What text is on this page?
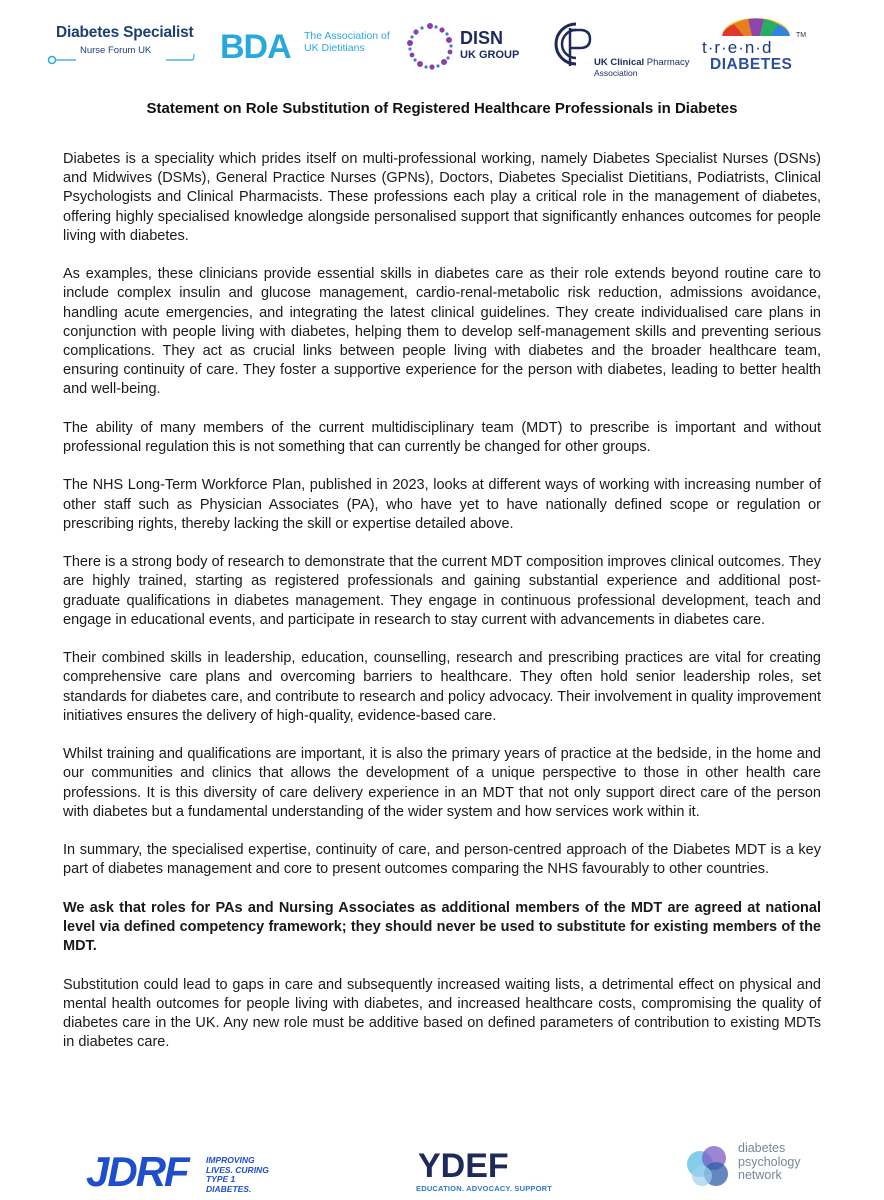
Diabetes Specialist
Nurse Forum UK BDA The Association of UK Dietitians	DISN
UK GROUP
UK Clinical Pharmacy
Association
TM
t·r·e·n·d
DIABETES
Statement on Role Substitution of Registered Healthcare Professionals in Diabetes

Diabetes is a speciality which prides itself on multi-professional working, namely Diabetes Specialist Nurses (DSNs) and Midwives (DSMs), General Practice Nurses (GPNs), Doctors, Diabetes Specialist Dietitians, Podiatrists, Clinical Psychologists and Clinical Pharmacists. These professions each play a critical role in the management of diabetes, offering highly specialised knowledge alongside personalised support that significantly enhances outcomes for people living with diabetes.

As examples, these clinicians provide essential skills in diabetes care as their role extends beyond routine care to include complex insulin and glucose management, cardio-renal-metabolic risk reduction, admissions avoidance, handling acute emergencies, and integrating the latest clinical guidelines. They create individualised care plans in conjunction with people living with diabetes, helping them to develop self-management skills and preventing serious complications. They act as crucial links between people living with diabetes and the broader healthcare team, ensuring continuity of care. They foster a supportive experience for the person with diabetes, leading to better health and well-being.

The ability of many members of the current multidisciplinary team (MDT) to prescribe is important and without professional regulation this is not something that can currently be changed for other groups.

The NHS Long-Term Workforce Plan, published in 2023, looks at different ways of working with increasing number of other staff such as Physician Associates (PA), who have yet to have nationally defined scope or regulation or prescribing rights, thereby lacking the skill or expertise detailed above.

There is a strong body of research to demonstrate that the current MDT composition improves clinical outcomes. They are highly trained, starting as registered professionals and gaining substantial experience and additional post-graduate qualifications in diabetes management. They engage in continuous professional development, teach and engage in educational events, and participate in research to stay current with advancements in diabetes care.

Their combined skills in leadership, education, counselling, research and prescribing practices are vital for creating comprehensive care plans and overcoming barriers to healthcare. They often hold senior leadership roles, set standards for diabetes care, and contribute to research and policy advocacy. Their involvement in quality improvement initiatives ensures the delivery of high-quality, evidence-based care.

Whilst training and qualifications are important, it is also the primary years of practice at the bedside, in the home and our communities and clinics that allows the development of a unique perspective to those in other health care professions. It is this diversity of care delivery experience in an MDT that not only support direct care of the person with diabetes but a fundamental understanding of the wider system and how services work within it.

In summary, the specialised expertise, continuity of care, and person-centred approach of the Diabetes MDT is a key part of diabetes management and core to present outcomes comparing the NHS favourably to other countries.

We ask that roles for PAs and Nursing Associates as additional members of the MDT are agreed at national level via defined competency framework; they should never be used to substitute for existing members of the MDT.

Substitution could lead to gaps in care and subsequently increased waiting lists, a detrimental effect on physical and mental health outcomes for people living with diabetes, and increased healthcare costs, compromising the quality of diabetes care in the UK. Any new role must be additive based on defined parameters of contribution to existing MDTs in diabetes care.

JDRF IMPROVING LIVES. CURING TYPE 1 DIABETES.
YDEF
EDUCATION. ADVOCACY. SUPPORT
diabetes psychology network
